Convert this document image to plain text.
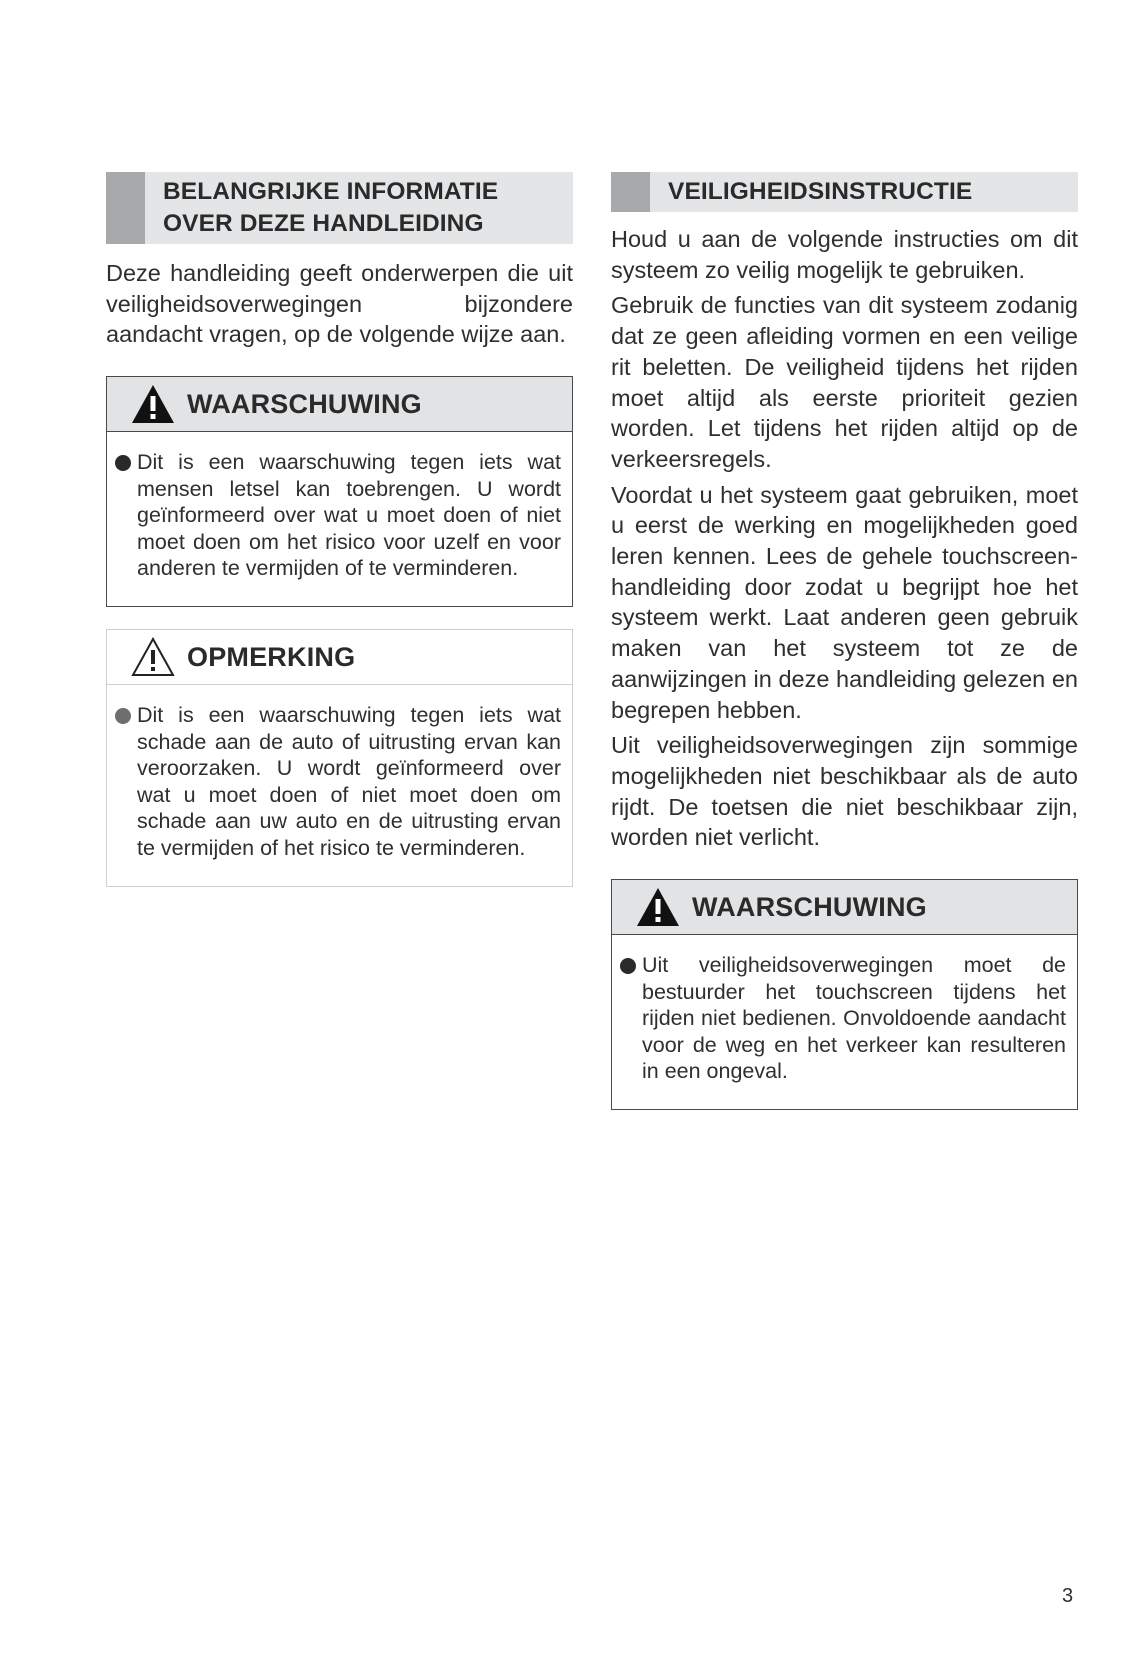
BELANGRIJKE INFORMATIE OVER DEZE HANDLEIDING

Deze handleiding geeft onderwerpen die uit veiligheidsoverwegingen bijzondere aandacht vragen, op de volgende wijze aan.

WAARSCHUWING
Dit is een waarschuwing tegen iets wat mensen letsel kan toebrengen. U wordt geïnformeerd over wat u moet doen of niet moet doen om het risico voor uzelf en voor anderen te vermijden of te verminderen.
OPMERKING
Dit is een waarschuwing tegen iets wat schade aan de auto of uitrusting ervan kan veroorzaken. U wordt geïnformeerd over wat u moet doen of niet moet doen om schade aan uw auto en de uitrusting ervan te vermijden of het risico te verminderen.
VEILIGHEIDSINSTRUCTIE

Houd u aan de volgende instructies om dit systeem zo veilig mogelijk te gebruiken.

Gebruik de functies van dit systeem zodanig dat ze geen afleiding vormen en een veilige rit beletten. De veiligheid tijdens het rijden moet altijd als eerste prioriteit gezien worden. Let tijdens het rijden altijd op de verkeersregels.

Voordat u het systeem gaat gebruiken, moet u eerst de werking en mogelijkheden goed leren kennen. Lees de gehele touchscreen-handleiding door zodat u begrijpt hoe het systeem werkt. Laat anderen geen gebruik maken van het systeem tot ze de aanwijzingen in deze handleiding gelezen en begrepen hebben.

Uit veiligheidsoverwegingen zijn sommige mogelijkheden niet beschikbaar als de auto rijdt. De toetsen die niet beschikbaar zijn, worden niet verlicht.

WAARSCHUWING
Uit veiligheidsoverwegingen moet de bestuurder het touchscreen tijdens het rijden niet bedienen. Onvoldoende aandacht voor de weg en het verkeer kan resulteren in een ongeval.
3
